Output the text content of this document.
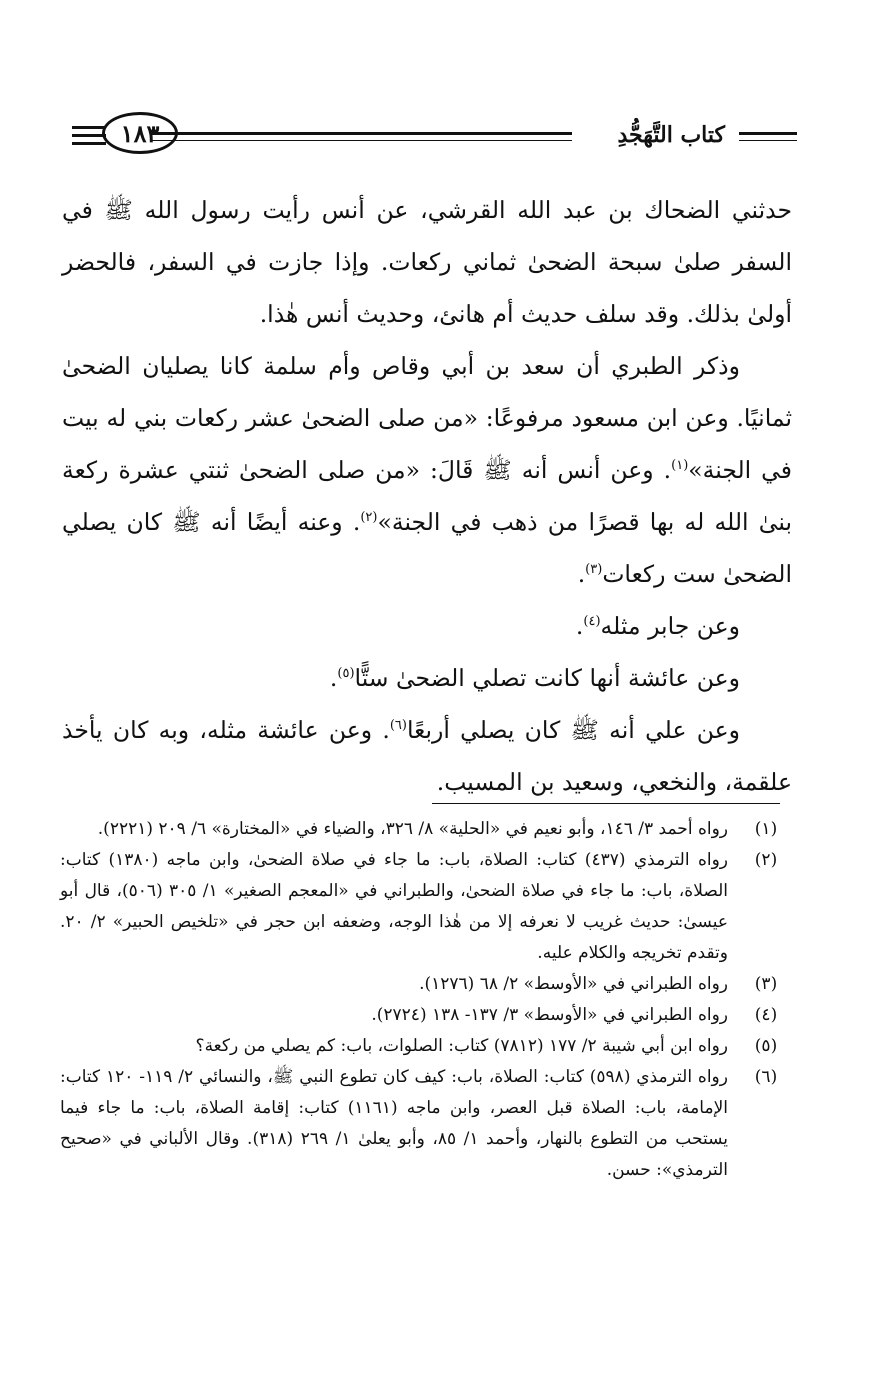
كتاب التَّهَجُّدِ
١٨٣

حدثني الضحاك بن عبد الله القرشي، عن أنس رأيت رسول الله ﷺ في السفر صلىٰ سبحة الضحىٰ ثماني ركعات. وإذا جازت في السفر، فالحضر أولىٰ بذلك. وقد سلف حديث أم هانئ، وحديث أنس هٰذا.

وذكر الطبري أن سعد بن أبي وقاص وأم سلمة كانا يصليان الضحىٰ ثمانيًا. وعن ابن مسعود مرفوعًا: «من صلى الضحىٰ عشر ركعات بني له بيت في الجنة»$^{(١)}$. وعن أنس أنه ﷺ قَالَ: «من صلى الضحىٰ ثنتي عشرة ركعة بنىٰ الله له بها قصرًا من ذهب في الجنة»$^{(٢)}$. وعنه أيضًا أنه ﷺ كان يصلي الضحىٰ ست ركعات$^{(٣)}$.

وعن جابر مثله$^{(٤)}$.

وعن عائشة أنها كانت تصلي الضحىٰ ستًّا$^{(٥)}$.

وعن علي أنه ﷺ كان يصلي أربعًا$^{(٦)}$. وعن عائشة مثله، وبه كان يأخذ علقمة، والنخعي، وسعيد بن المسيب.

(١)
رواه أحمد ٣/ ١٤٦، وأبو نعيم في «الحلية» ٨/ ٣٢٦، والضياء في «المختارة» ٦/ ٢٠٩ (٢٢٢١).

(٢)
رواه الترمذي (٤٣٧) كتاب: الصلاة، باب: ما جاء في صلاة الضحىٰ، وابن ماجه (١٣٨٠) كتاب: الصلاة، باب: ما جاء في صلاة الضحىٰ، والطبراني في «المعجم الصغير» ١/ ٣٠٥ (٥٠٦)، قال أبو عيسىٰ: حديث غريب لا نعرفه إلا من هٰذا الوجه، وضعفه ابن حجر في «تلخيص الحبير» ٢/ ٢٠. وتقدم تخريجه والكلام عليه.

(٣)
رواه الطبراني في «الأوسط» ٢/ ٦٨ (١٢٧٦).

(٤)
رواه الطبراني في «الأوسط» ٣/ ١٣٧- ١٣٨ (٢٧٢٤).

(٥)
رواه ابن أبي شيبة ٢/ ١٧٧ (٧٨١٢) كتاب: الصلوات، باب: كم يصلي من ركعة؟

(٦)
رواه الترمذي (٥٩٨) كتاب: الصلاة، باب: كيف كان تطوع النبي ﷺ، والنسائي ٢/ ١١٩- ١٢٠ كتاب: الإمامة، باب: الصلاة قبل العصر، وابن ماجه (١١٦١) كتاب: إقامة الصلاة، باب: ما جاء فيما يستحب من التطوع بالنهار، وأحمد ١/ ٨٥، وأبو يعلىٰ ١/ ٢٦٩ (٣١٨). وقال الألباني في «صحيح الترمذي»: حسن.
